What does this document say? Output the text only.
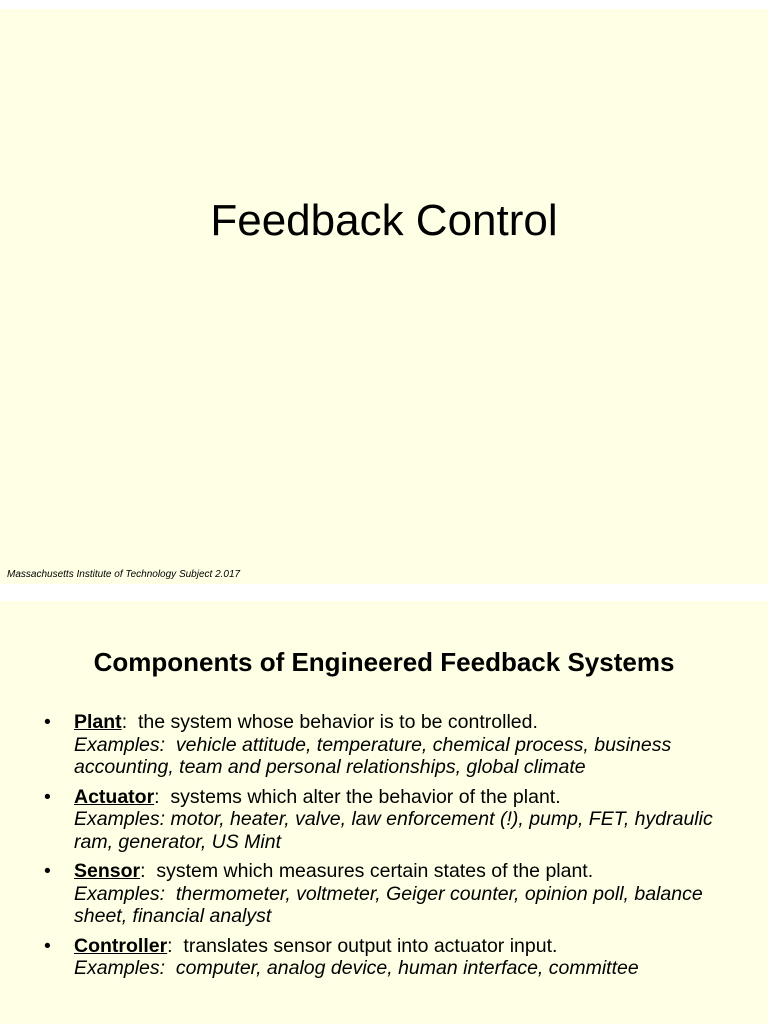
Feedback Control
Massachusetts Institute of Technology Subject 2.017
Components of Engineered Feedback Systems
• Plant:  the system whose behavior is to be controlled.
Examples:  vehicle attitude, temperature, chemical process, business accounting, team and personal relationships, global climate
• Actuator:  systems which alter the behavior of the plant.
Examples: motor, heater, valve, law enforcement (!), pump, FET, hydraulic ram, generator, US Mint
• Sensor:  system which measures certain states of the plant.
Examples:  thermometer, voltmeter, Geiger counter, opinion poll, balance sheet, financial analyst
• Controller:  translates sensor output into actuator input.
Examples:  computer, analog device, human interface, committee
